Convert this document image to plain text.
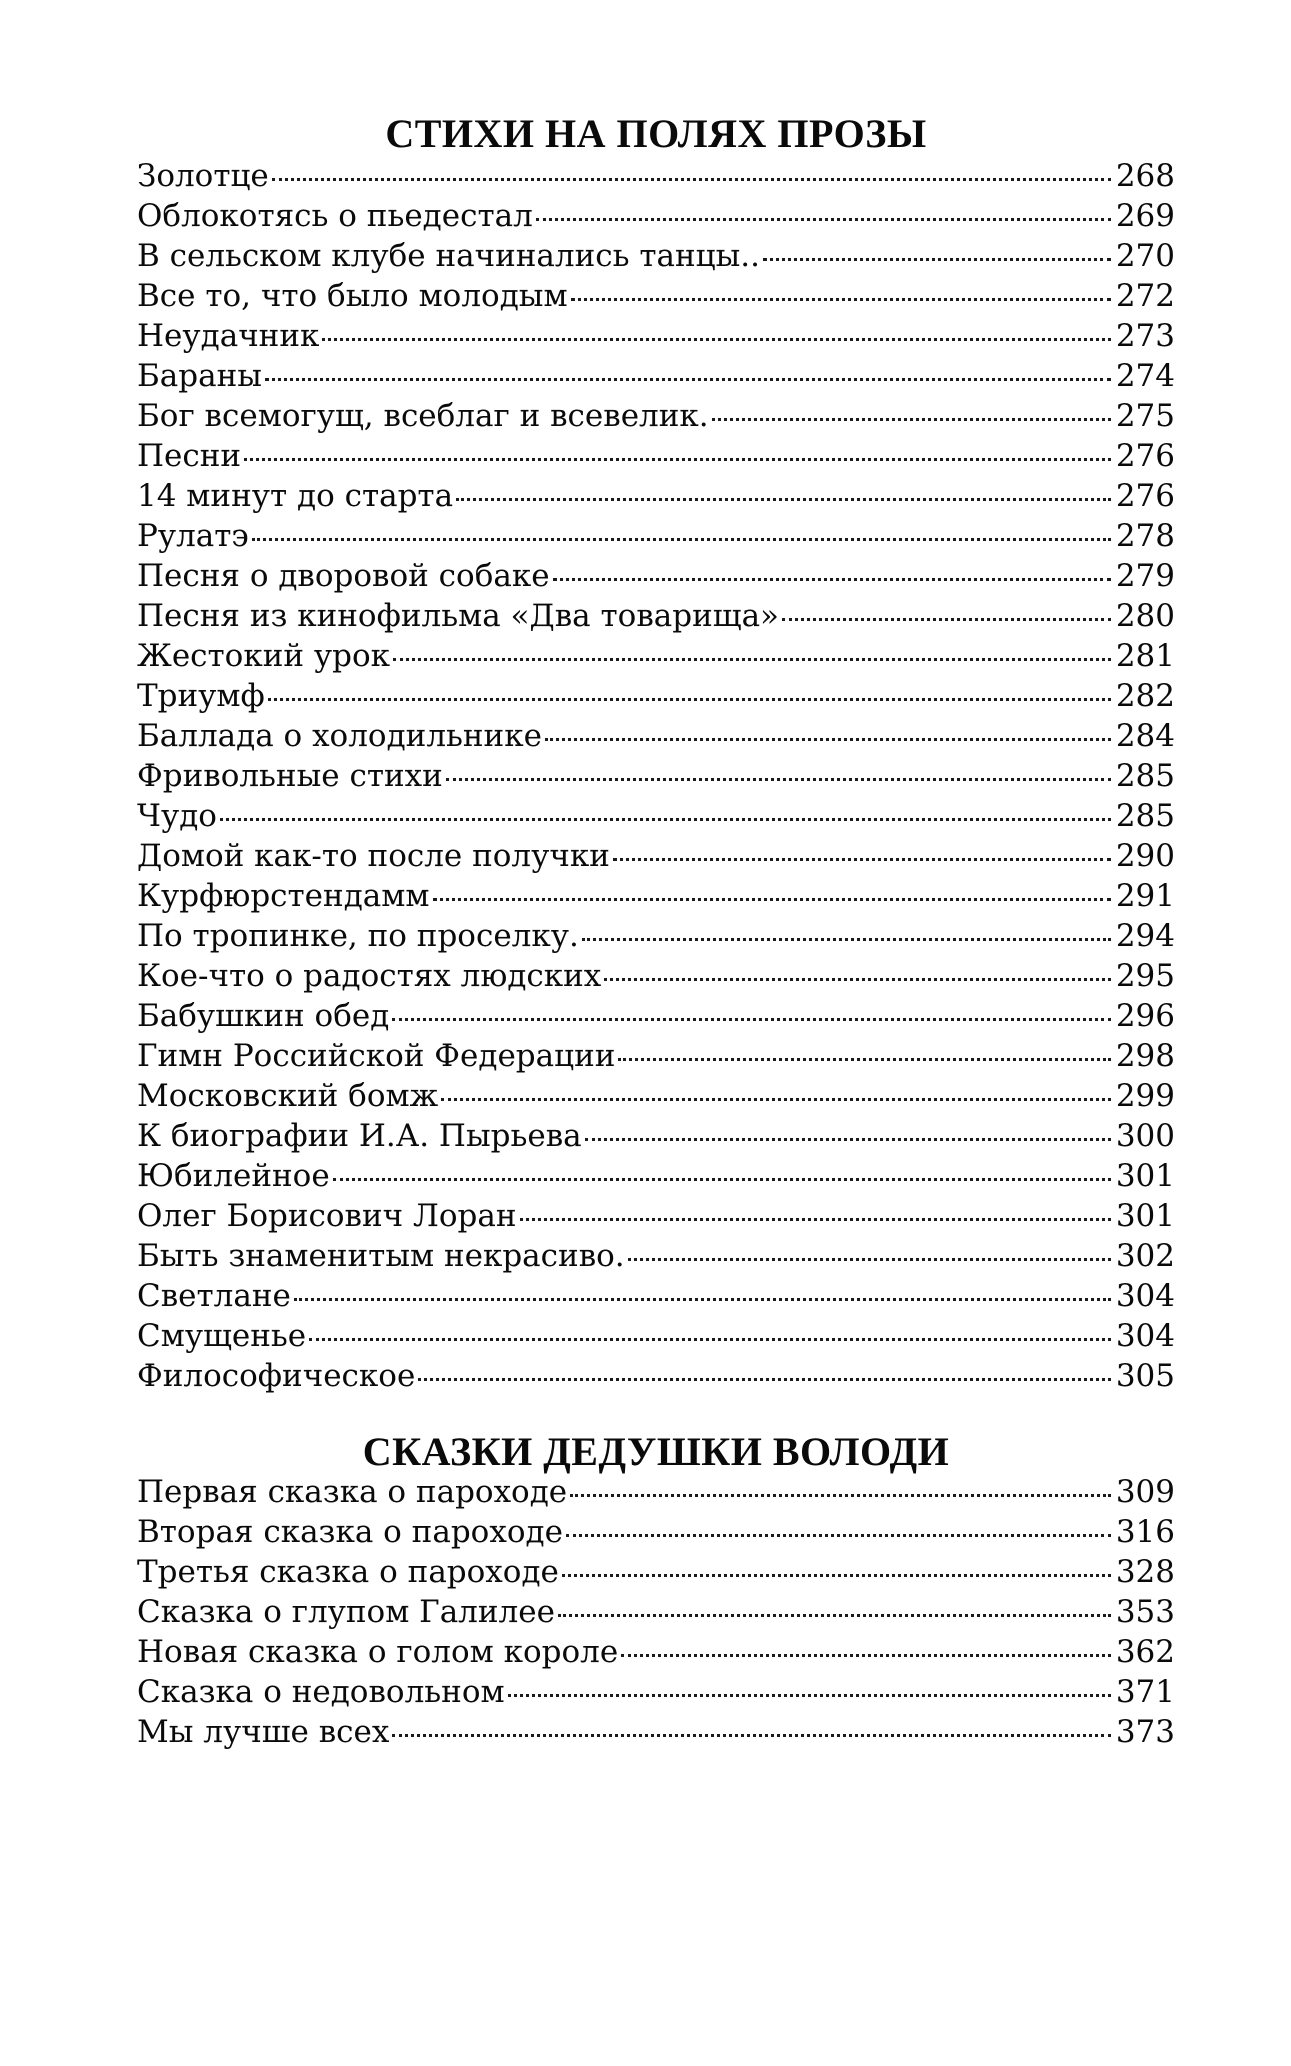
СТИХИ НА ПОЛЯХ ПРОЗЫ
Золотце	268
Облокотясь о пьедестал	269
В сельском клубе начинались танцы..	270
Все то, что было молодым	272
Неудачник	273
Бараны	274
Бог всемогущ, всеблаг и всевелик.	275
Песни	276
14 минут до старта	276
Рулатэ	278
Песня о дворовой собаке	279
Песня из кинофильма «Два товарища»	280
Жестокий урок	281
Триумф	282
Баллада о холодильнике	284
Фривольные стихи	285
Чудо	285
Домой как-то после получки	290
Курфюрстендамм	291
По тропинке, по проселку.	294
Кое-что о радостях людских	295
Бабушкин обед	296
Гимн Российской Федерации	298
Московский бомж	299
К биографии И.А. Пырьева	300
Юбилейное	301
Олег Борисович Лоран	301
Быть знаменитым некрасиво.	302
Светлане	304
Смущенье	304
Философическое	305
СКАЗКИ ДЕДУШКИ ВОЛОДИ
Первая сказка о пароходе	309
Вторая сказка о пароходе	316
Третья сказка о пароходе	328
Сказка о глупом Галилее	353
Новая сказка о голом короле	362
Сказка о недовольном	371
Мы лучше всех	373
